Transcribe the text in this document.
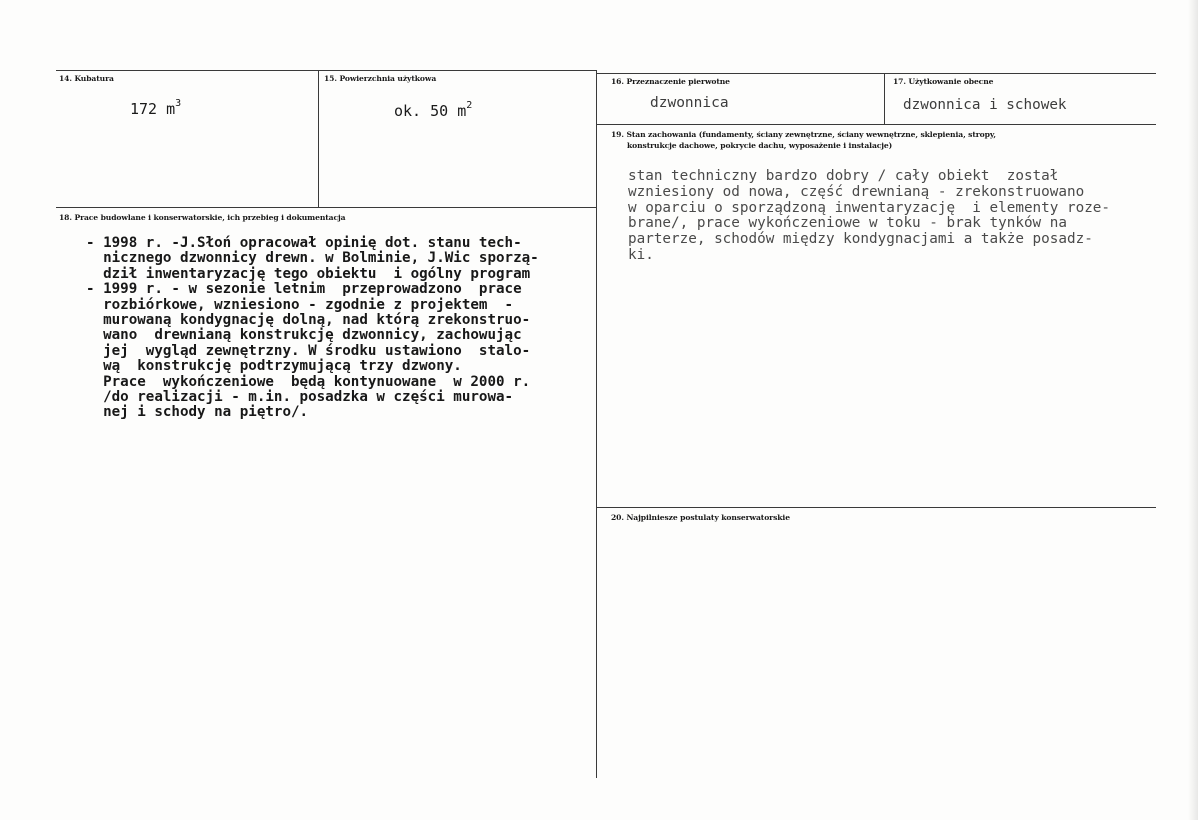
14. Kubatura
172 $m^3$
15. Powierzchnia użytkowa
ok. 50 $m^2$
16. Przeznaczenie pierwotne
dzwonnica
17. Użytkowanie obecne
dzwonnica i schowek
18. Prace budowlane i konserwatorskie, ich przebieg i dokumentacja
- 1998 r. -J.Słoń opracował opinię dot. stanu tech-
nicznego dzwonnicy drewn. w Bolminie, J.Wic sporzą-
dził inwentaryzację tego obiektu  i ogólny program
- 1999 r. - w sezonie letnim  przeprowadzono  prace
rozbiórkowe, wzniesiono - zgodnie z projektem  -
murowaną kondygnację dolną, nad którą zrekonstruo-
wano  drewnianą konstrukcję dzwonnicy, zachowując
jej  wygląd zewnętrzny. W środku ustawiono  stalo-
wą  konstrukcję podtrzymującą trzy dzwony.
Prace  wykończeniowe  będą kontynuowane  w 2000 r.
/do realizacji - m.in. posadzka w części murowa-
nej i schody na piętro/.
19. Stan zachowania (fundamenty, ściany zewnętrzne, ściany wewnętrzne, sklepienia, stropy,
konstrukcje dachowe, pokrycie dachu, wyposażenie i instalacje)
stan techniczny bardzo dobry / cały obiekt  został
wzniesiony od nowa, część drewnianą - zrekonstruowano
w oparciu o sporządzoną inwentaryzację  i elementy roze-
brane/, prace wykończeniowe w toku - brak tynków na
parterze, schodów między kondygnacjami a także posadz-
ki.
20. Najpilniesze postulaty konserwatorskie
